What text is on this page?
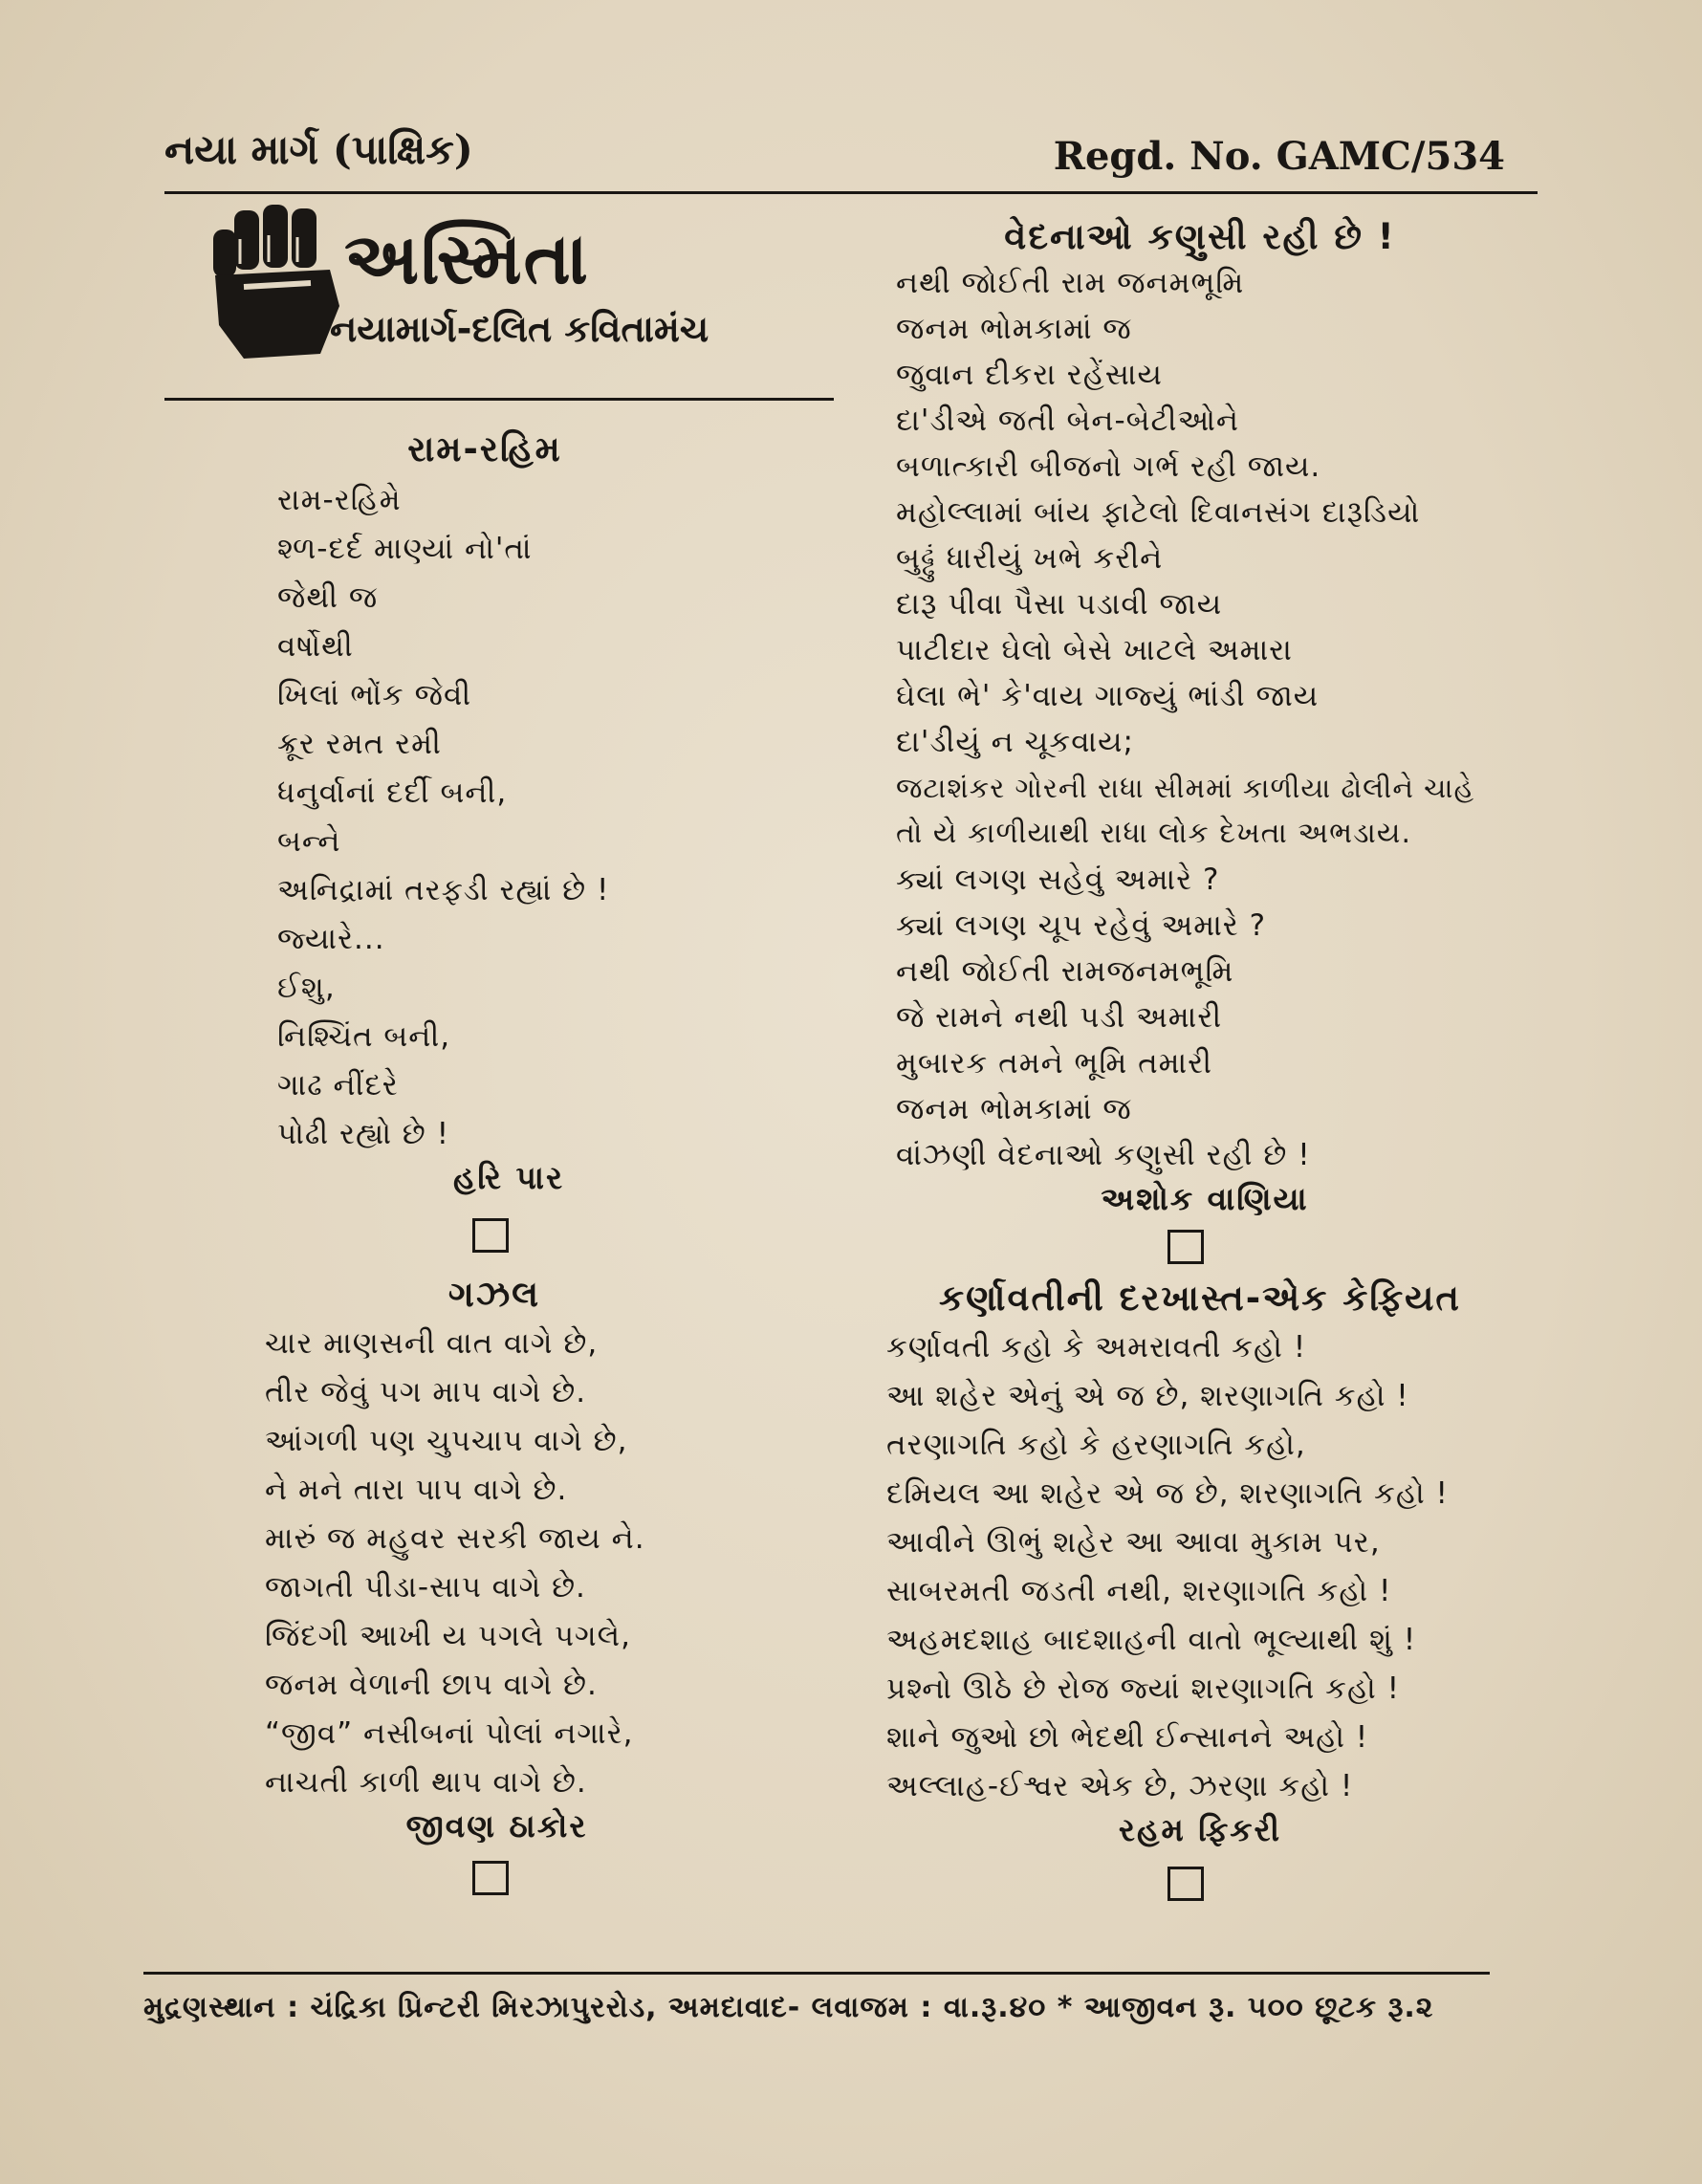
નયા માર્ગ (પાક્ષિક)	Regd. No. GAMC/534
અસ્મિતા
નયામાર્ગ-દલિત કવિતામંચ
રામ-રહિમ
રામ-રહિમે
શ્ળ-દર્દ માણ્યાં નો'તાં
જેથી જ
વર્ષોથી
ખિલાં ભોંક જેવી
ક્રૂર રમત રમી
ધનુર્વાનાં દર્દી બની,
બન્ને
અનિદ્રામાં તરફડી રહ્યાં છે !
જ્યારે...
ઈશુ,
નિશ્ચિંત બની,
ગાઢ નીંદરે
પોઢી રહ્યો છે !
હરિ પાર
ગઝલ
ચાર માણસની વાત વાગે છે,
તીર જેવું પગ માપ વાગે છે.
આંગળી પણ ચુપચાપ વાગે છે,
ને મને તારા પાપ વાગે છે.
મારું જ મહુવર સરકી જાય ને.
જાગતી પીડા-સાપ વાગે છે.
જિંદગી આખી ય પગલે પગલે,
જનમ વેળાની છાપ વાગે છે.
“જીવ” નસીબનાં પોલાં નગારે,
નાચતી કાળી થાપ વાગે છે.
જીવણ ઠાકોર
વેદનાઓ કણુસી રહી છે !
નથી જોઈતી રામ જનમભૂમિ
જનમ ભોમકામાં જ
જુવાન દીકરા રહેંસાય
દા'ડીએ જતી બેન-બેટીઓને
બળાત્કારી બીજનો ગર્ભ રહી જાય.
મહોલ્લામાં બાંય ફાટેલો દિવાનસંગ દારૂડિયો
બુઢ્ઢું ધારીયું ખભે કરીને
દારૂ પીવા પૈસા પડાવી જાય
પાટીદાર ઘેલો બેસે ખાટલે અમારા
ઘેલા ભે' કે'વાય ગાજ્યું ભાંડી જાય
દા'ડીયું ન ચૂકવાય;
જટાશંકર ગોરની રાધા સીમમાં કાળીયા ઢોલીને ચાહે
તો યે કાળીયાથી રાધા લોક દેખતા અભડાય.
ક્યાં લગણ સહેવું અમારે ?
ક્યાં લગણ ચૂપ રહેવું અમારે ?
નથી જોઈતી રામજનમભૂમિ
જે રામને નથી પડી અમારી
મુબારક તમને ભૂમિ તમારી
જનમ ભોમકામાં જ
વાંઝણી વેદનાઓ કણુસી રહી છે !
અશોક વાણિયા
કર્ણાવતીની દરખાસ્ત-એક કેફિયત
કર્ણાવતી કહો કે અમરાવતી કહો !
આ શહેર એનું એ જ છે, શરણાગતિ કહો !
તરણાગતિ કહો કે હરણાગતિ કહો,
દમિયલ આ શહેર એ જ છે, શરણાગતિ કહો !
આવીને ઊભું શહેર આ આવા મુકામ પર,
સાબરમતી જડતી નથી, શરણાગતિ કહો !
અહમદશાહ બાદશાહની વાતો ભૂલ્યાથી શું !
પ્રશ્નો ઊઠે છે રોજ જ્યાં શરણાગતિ કહો !
શાને જુઓ છો ભેદથી ઈન્સાનને અહો !
અલ્લાહ-ઈશ્વર એક છે, ઝરણા કહો !
રહમ ફિકરી
મુદ્રણસ્થાન : ચંદ્રિકા પ્રિન્ટરી મિરઝાપુરરોડ, અમદાવાદ- લવાજમ : વા.રૂ.૪૦ * આજીવન રૂ. ૫૦૦ છૂટક રૂ.૨
